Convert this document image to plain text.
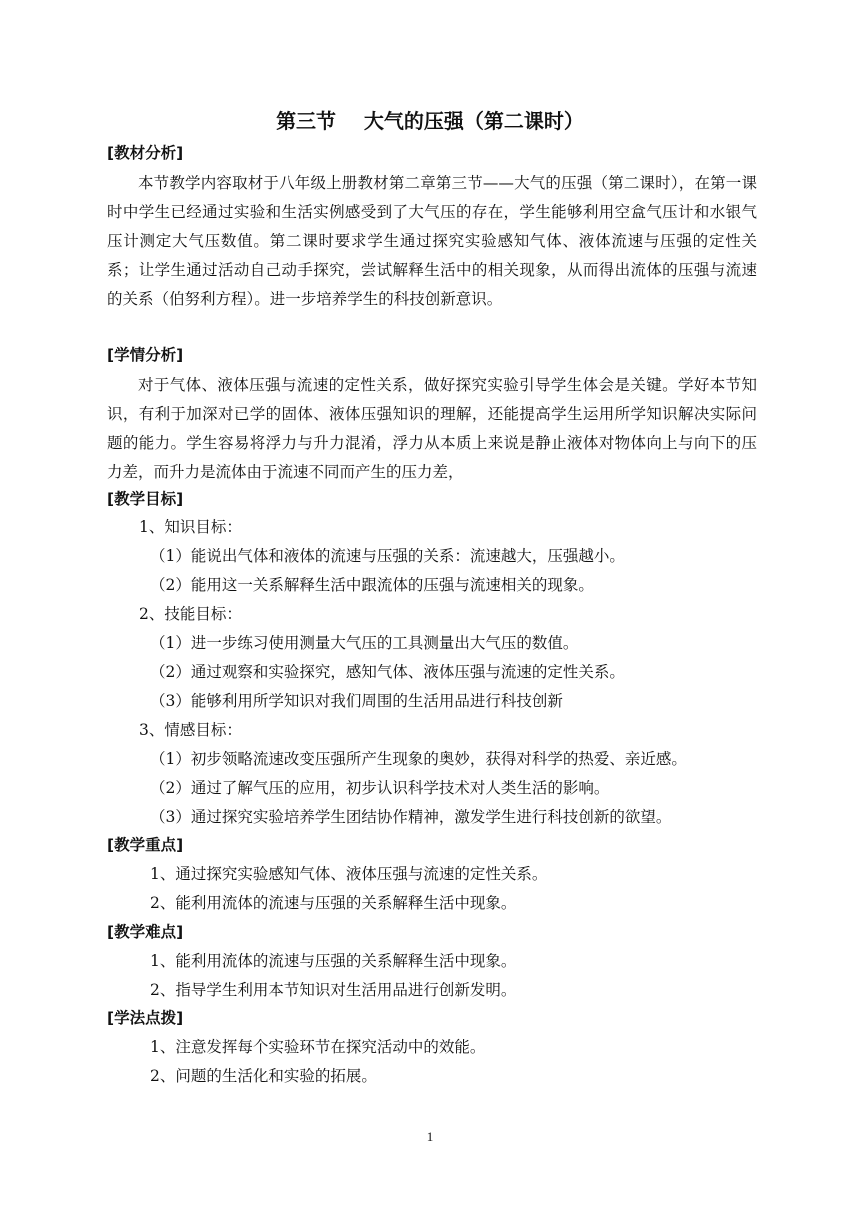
第三节    大气的压强（第二课时）
[教材分析]

本节教学内容取材于八年级上册教材第二章第三节——大气的压强（第二课时），在第一课时中学生已经通过实验和生活实例感受到了大气压的存在，学生能够利用空盒气压计和水银气压计测定大气压数值。第二课时要求学生通过探究实验感知气体、液体流速与压强的定性关系；让学生通过活动自己动手探究，尝试解释生活中的相关现象，从而得出流体的压强与流速的关系（伯努利方程）。进一步培养学生的科技创新意识。

[学情分析]

对于气体、液体压强与流速的定性关系，做好探究实验引导学生体会是关键。学好本节知识，有利于加深对已学的固体、液体压强知识的理解，还能提高学生运用所学知识解决实际问题的能力。学生容易将浮力与升力混淆，浮力从本质上来说是静止液体对物体向上与向下的压力差，而升力是流体由于流速不同而产生的压力差，

[教学目标]
1、知识目标：
（1）能说出气体和液体的流速与压强的关系：流速越大，压强越小。
（2）能用这一关系解释生活中跟流体的压强与流速相关的现象。
2、技能目标：
（1）进一步练习使用测量大气压的工具测量出大气压的数值。
（2）通过观察和实验探究，感知气体、液体压强与流速的定性关系。
（3）能够利用所学知识对我们周围的生活用品进行科技创新
3、情感目标：
（1）初步领略流速改变压强所产生现象的奥妙，获得对科学的热爱、亲近感。
（2）通过了解气压的应用，初步认识科学技术对人类生活的影响。
（3）通过探究实验培养学生团结协作精神，激发学生进行科技创新的欲望。
[教学重点]
1、通过探究实验感知气体、液体压强与流速的定性关系。
2、能利用流体的流速与压强的关系解释生活中现象。
[教学难点]
1、能利用流体的流速与压强的关系解释生活中现象。
2、指导学生利用本节知识对生活用品进行创新发明。
[学法点拨]
1、注意发挥每个实验环节在探究活动中的效能。
2、问题的生活化和实验的拓展。
1
